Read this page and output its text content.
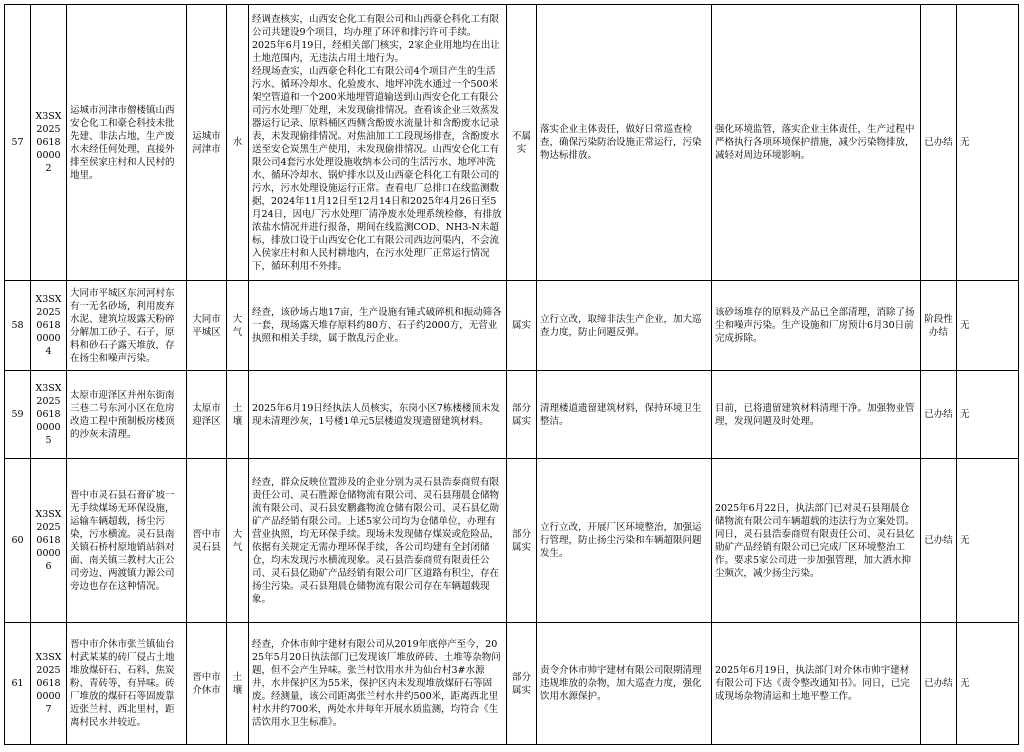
57	X3SX2025061800002	运城市河津市僧楼镇山西安仑化工和豪仑科技未批先建、非法占地，生产废水未经任何处理，直接外排至侯家庄村和人民村的地里。	运城市河津市	水	经调查核实，山西安仑化工有限公司和山西豪仑科化工有限公司共建设9个项目，均办理了环评和排污许可手续。
2025年6月19日，经相关部门核实，2家企业用地均在出让土地范围内，无违法占用土地行为。
经现场查实，山西豪仑科化工有限公司4个项目产生的生活污水、循环冷却水、化验废水、地坪冲洗水通过一个500米架空管道和一个200米地埋管道输送到山西安仑化工有限公司污水处理厂处理，未发现偷排情况。查看该企业三效蒸发器运行记录、原料桶区西侧含酚废水流量计和含酚废水记录表，未发现偷排情况。对焦油加工工段现场排查，含酚废水送至安仑炭黑生产使用，未发现偷排情况。山西安仑化工有限公司4套污水处理设施收纳本公司的生活污水、地坪冲洗水、循环冷却水、锅炉排水以及山西豪仑科化工有限公司的污水，污水处理设施运行正常。查看电厂总排口在线监测数据，2024年11月12日至12月14日和2025年4月26日至5月24日，因电厂污水处理厂清净废水处理系统检修，有排放浓盐水情况并进行报备，期间在线监测COD、NH3-N未超标，排放口设于山西安仑化工有限公司西边河渠内，不会流入侯家庄村和人民村耕地内，在污水处理厂正常运行情况下，循环利用不外排。	不属实	落实企业主体责任，做好日常巡查检查，确保污染防治设施正常运行，污染物达标排放。	强化环境监管，落实企业主体责任，生产过程中严格执行各项环境保护措施，减少污染物排放，减轻对周边环境影响。	已办结	无
58	X3SX2025061800004	大同市平城区东河河村东有一无名砂场，利用废弃水泥、建筑垃圾露天粉碎分解加工砂子、石子，原料和砂石子露天堆放，存在扬尘和噪声污染。	大同市平城区	大气	经查，该砂场占地17亩，生产设施有锤式破碎机和振动筛各一套，现场露天堆存原料约80方、石子约2000方，无营业执照和相关手续，属于散乱污企业。	属实	立行立改，取缔非法生产企业，加大巡查力度，防止问题反弹。	该砂场堆存的原料及产品已全部清理，消除了扬尘和噪声污染。生产设施和厂房预计6月30日前完成拆除。	阶段性办结	无
59	X3SX2025061800005	太原市迎泽区并州东街南三巷二号东河小区在危房改造工程中预制板房楼顶的沙灰未清理。	太原市迎泽区	土壤	2025年6月19日经执法人员核实，东岗小区7栋楼楼顶未发现未清理沙灰，1号楼1单元5层楼道发现遗留建筑材料。	部分属实	清理楼道遗留建筑材料，保持环境卫生整洁。	目前，已将遗留建筑材料清理干净。加强物业管理，发现问题及时处理。	已办结	无
60	X3SX2025061800006	晋中市灵石县石膏矿坡一无手续煤场无环保设施，运输车辆超载，扬尘污染，污水横流。灵石县南关镇石桥村原地销站斜对面、南关镇三教村大正公司旁边、两渡镇力源公司旁边也存在这种情况。	晋中市灵石县	大气	经查，群众反映位置涉及的企业分别为灵石县浩泰商贸有限责任公司、灵石胜源仓储物流有限公司、灵石县翔晨仓储物流有限公司、灵石县安鹏鑫物流仓储有限公司、灵石县亿勋矿产品经销有限公司。上述5家公司均为仓储单位，办理有营业执照，均无环保手续。现场未发现储存煤炭或危险品，依据有关规定无需办理环保手续，各公司均建有全封闭储仓，均未发现污水横流现象。灵石县浩泰商贸有限责任公司、灵石县亿勋矿产品经销有限公司厂区道路有积尘，存在扬尘污染。灵石县翔晨仓储物流有限公司存在车辆超载现象。	部分属实	立行立改，开展厂区环境整治，加强运行管理，防止扬尘污染和车辆超限问题发生。	2025年6月22日，执法部门已对灵石县翔晨仓储物流有限公司车辆超载的违法行为立案处罚。同日，灵石县浩泰商贸有限责任公司、灵石县亿勋矿产品经销有限公司已完成厂区环境整治工作。要求5家公司进一步加强管理，加大洒水抑尘频次，减少扬尘污染。	已办结	无
61	X3SX2025061800007	晋中市介休市张兰镇仙台村武某某的砖厂侵占土地堆放煤矸石、石料、焦炭粉、青砖等，有异味。砖厂堆放的煤矸石等固废靠近张兰村、西北里村，距离村民水井较近。	晋中市介休市	土壤	经查，介休市帅宇建材有限公司从2019年底停产至今，2025年5月20日执法部门已发现该厂堆放碎砖、土堆等杂物问题，但不会产生异味。张兰村饮用水井为仙台村3#水源井，水井保护区为55米，保护区内未发现堆放煤矸石等固废。经测量，该公司距离张兰村水井约500米，距离西北里村水井约700米，两处水井每年开展水质监测，均符合《生活饮用水卫生标准》。	部分属实	责令介休市帅宇建材有限公司限期清理违规堆放的杂物，加大巡查力度，强化饮用水源保护。	2025年6月19日，执法部门对介休市帅宇建材有限公司下达《责令整改通知书》。同日，已完成现场杂物清运和土地平整工作。	已办结	无
